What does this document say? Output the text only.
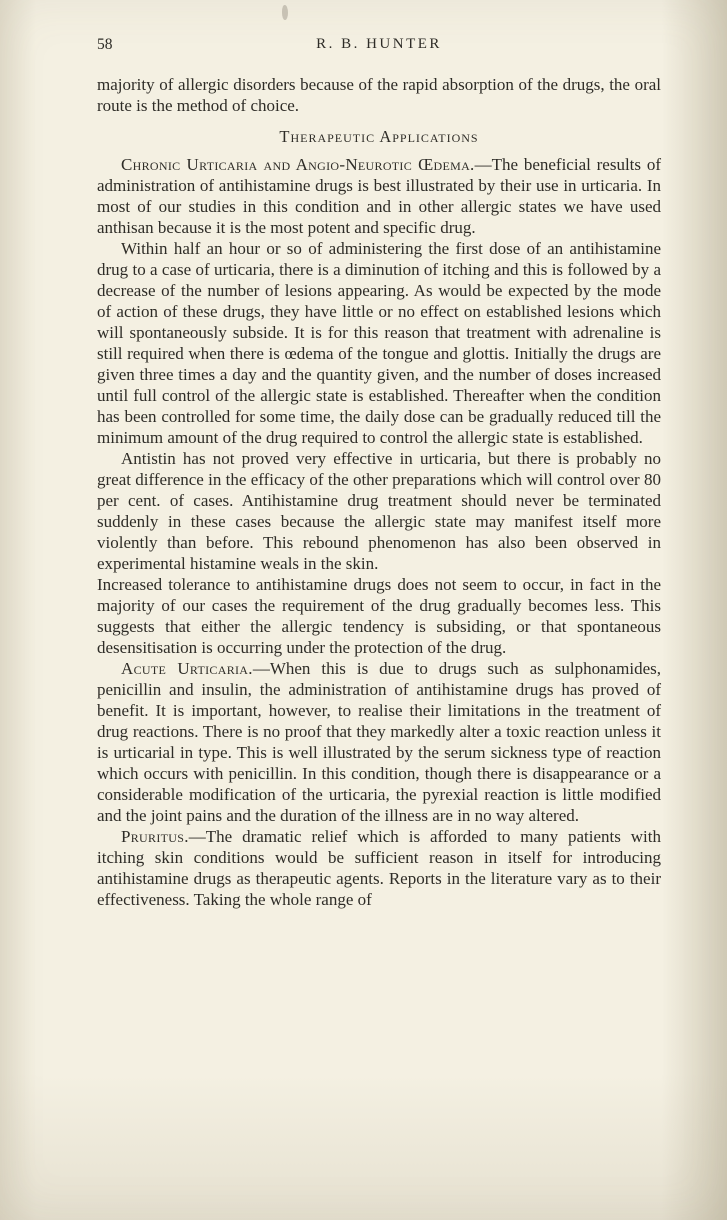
58	R. B. HUNTER

majority of allergic disorders because of the rapid absorption of the drugs, the oral route is the method of choice.

Therapeutic Applications

Chronic Urticaria and Angio-Neurotic Œdema.—The beneficial results of administration of antihistamine drugs is best illustrated by their use in urticaria. In most of our studies in this condition and in other allergic states we have used anthisan because it is the most potent and specific drug.

Within half an hour or so of administering the first dose of an antihistamine drug to a case of urticaria, there is a diminution of itching and this is followed by a decrease of the number of lesions appearing. As would be expected by the mode of action of these drugs, they have little or no effect on established lesions which will spontaneously subside. It is for this reason that treatment with adrenaline is still required when there is œdema of the tongue and glottis. Initially the drugs are given three times a day and the quantity given, and the number of doses increased until full control of the allergic state is established. Thereafter when the condition has been controlled for some time, the daily dose can be gradually reduced till the minimum amount of the drug required to control the allergic state is established.

Antistin has not proved very effective in urticaria, but there is probably no great difference in the efficacy of the other preparations which will control over 80 per cent. of cases. Antihistamine drug treatment should never be terminated suddenly in these cases because the allergic state may manifest itself more violently than before. This rebound phenomenon has also been observed in experimental histamine weals in the skin.

Increased tolerance to antihistamine drugs does not seem to occur, in fact in the majority of our cases the requirement of the drug gradually becomes less. This suggests that either the allergic tendency is subsiding, or that spontaneous desensitisation is occurring under the protection of the drug.

Acute Urticaria.—When this is due to drugs such as sulphonamides, penicillin and insulin, the administration of antihistamine drugs has proved of benefit. It is important, however, to realise their limitations in the treatment of drug reactions. There is no proof that they markedly alter a toxic reaction unless it is urticarial in type. This is well illustrated by the serum sickness type of reaction which occurs with penicillin. In this condition, though there is disappearance or a considerable modification of the urticaria, the pyrexial reaction is little modified and the joint pains and the duration of the illness are in no way altered.

Pruritus.—The dramatic relief which is afforded to many patients with itching skin conditions would be sufficient reason in itself for introducing antihistamine drugs as therapeutic agents. Reports in the literature vary as to their effectiveness. Taking the whole range of
